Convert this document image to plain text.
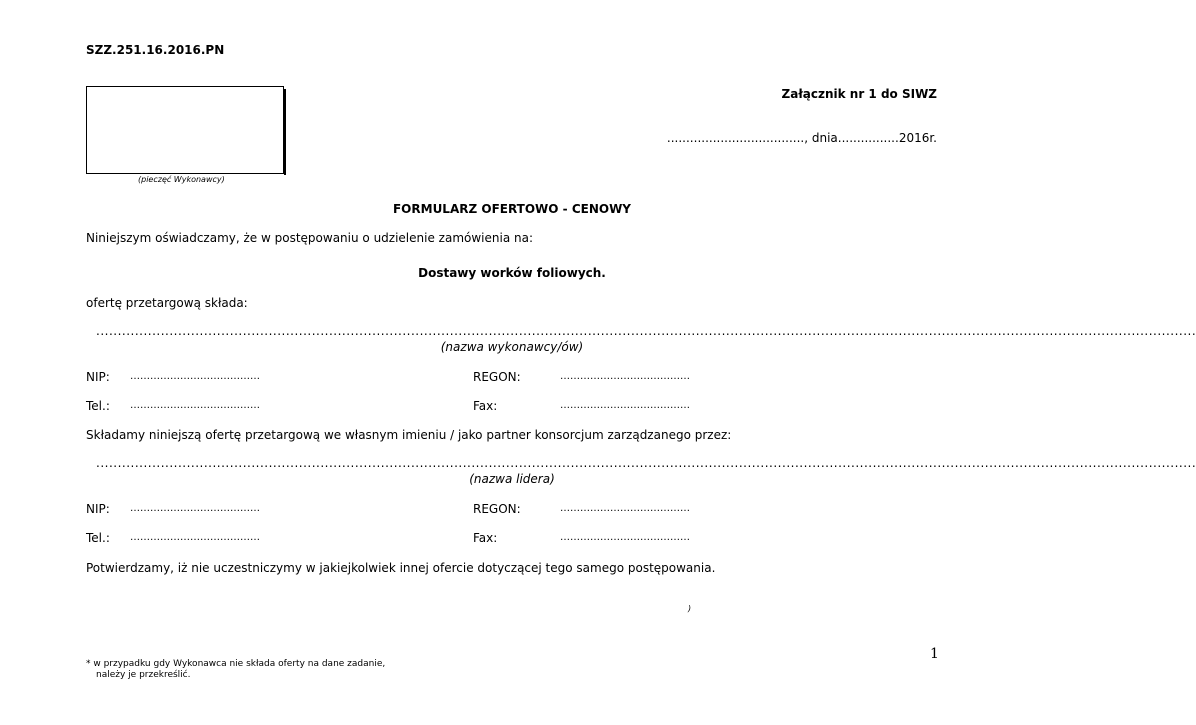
SZZ.251.16.2016.PN
(pieczęć Wykonawcy)
Załącznik nr 1 do SIWZ
...................................., dnia................2016r.
FORMULARZ OFERTOWO - CENOWY
Niniejszym oświadczamy, że w postępowaniu o udzielenie zamówienia na:
Dostawy worków foliowych.
ofertę przetargową składa:
...............................................................................................................................................................................................................................................................
(nazwa wykonawcy/ów)
NIP: …………………………………	REGON:	…………………………………
Tel.: …………………………………	Fax:	…………………………………
Składamy niniejszą ofertę przetargową we własnym imieniu / jako partner konsorcjum zarządzanego przez:
...............................................................................................................................................................................................................................................................
(nazwa lidera)
NIP: …………………………………	REGON:	…………………………………
Tel.: …………………………………	Fax:	…………………………………
Potwierdzamy, iż nie uczestniczymy w jakiejkolwiek innej ofercie dotyczącej tego samego postępowania.
)
1
* w przypadku gdy Wykonawca nie składa oferty na dane zadanie,
należy je przekreślić.
